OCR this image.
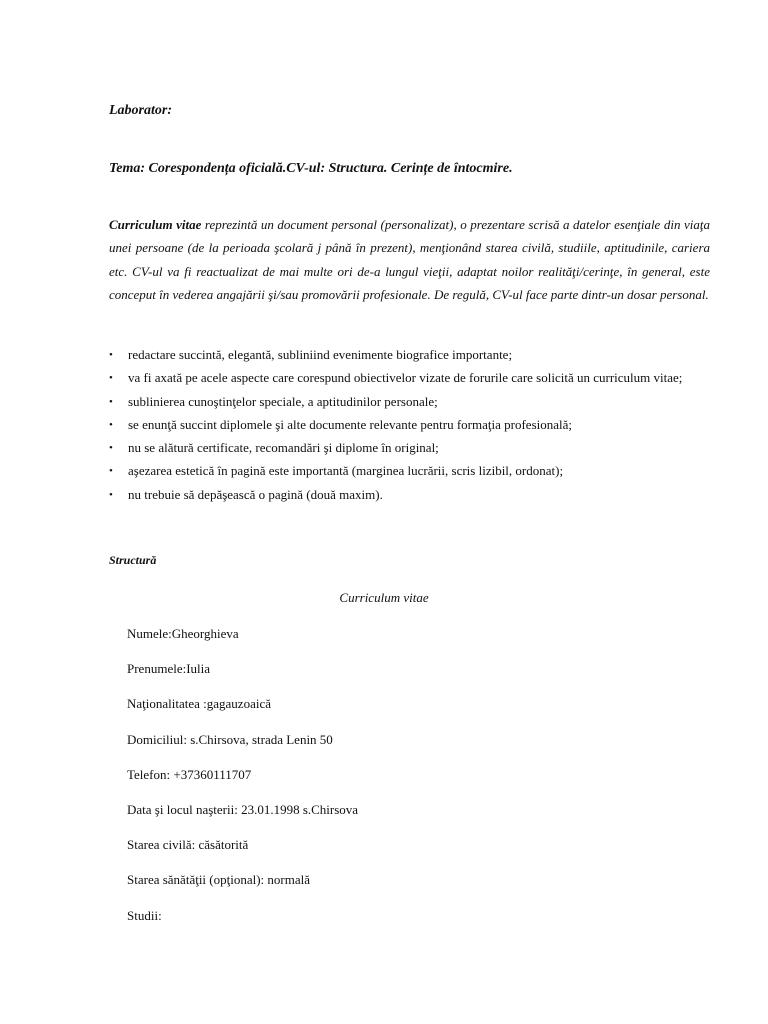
Laborator:

Tema: Corespondența oficială.CV-ul: Structura. Cerințe de întocmire.

Curriculum vitae reprezintă un document personal (personalizat), o prezentare scrisă a datelor esenţiale din viaţa unei persoane (de la perioada şcolară j până în prezent), menţionând starea civilă, studiile, aptitudinile, cariera etc. CV-ul va fi reactualizat de mai multe ori de-a lungul vieţii, adaptat noilor realităţi/cerinţe, în general, este conceput în vederea angajării şi/sau promovării profesionale. De regulă, CV-ul face parte dintr-un dosar personal.

• redactare succintă, elegantă, subliniind evenimente biografice importante;
• va fi axată pe acele aspecte care corespund obiectivelor vizate de forurile care solicită un curriculum vitae;
• sublinierea cunoştinţelor speciale, a aptitudinilor personale;
• se enunţă succint diplomele şi alte documente relevante pentru formaţia profesională;
• nu se alătură certificate, recomandări şi diplome în original;
• aşezarea estetică în pagină este importantă (marginea lucrării, scris lizibil, ordonat);
• nu trebuie să depăşească o pagină (două maxim).

Structură

Curriculum vitae

Numele:Gheorghieva
Prenumele:Iulia
Naţionalitatea :gagauzoaică
Domiciliul: s.Chirsova, strada Lenin 50
Telefon: +37360111707
Data şi locul naşterii: 23.01.1998 s.Chirsova
Starea civilă: căsătorită
Starea sănătăţii (opţional): normală
Studii:
